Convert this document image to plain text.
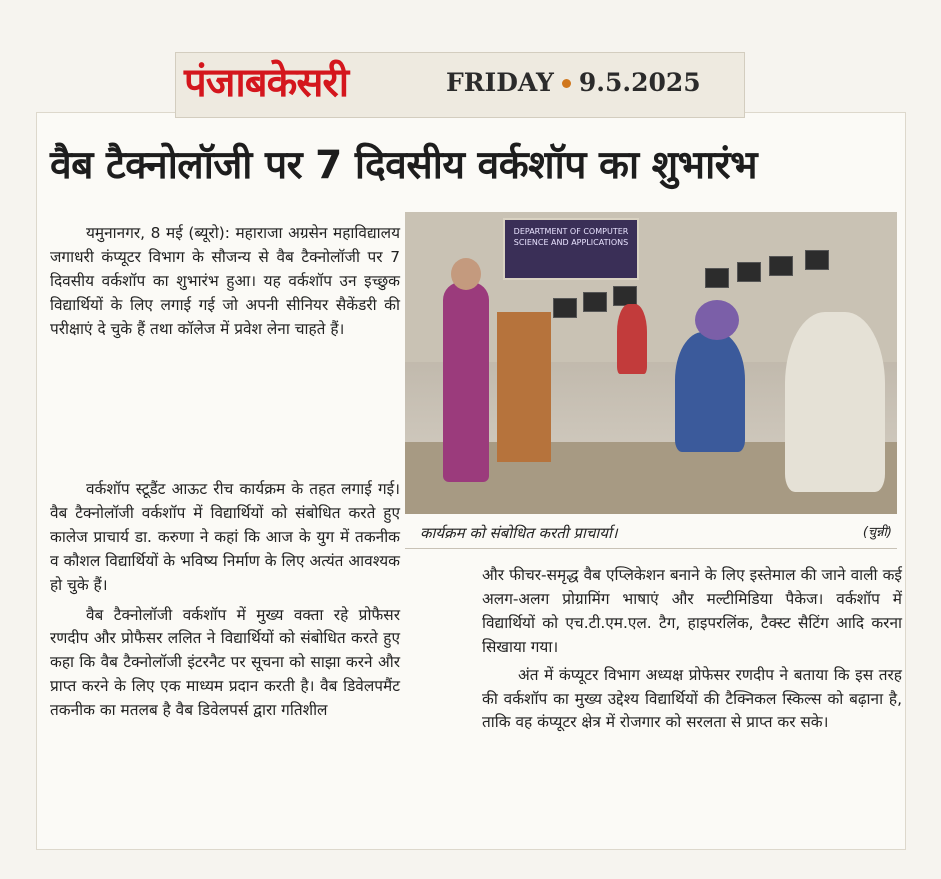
पंजाबकेसरी	FRIDAY 9.5.2025
वैब टैक्नोलॉजी पर 7 दिवसीय वर्कशॉप का शुभारंभ

यमुनानगर, 8 मई (ब्यूरो): महाराजा अग्रसेन महाविद्यालय जगाधरी कंप्यूटर विभाग के सौजन्य से वैब टैक्नोलॉजी पर 7 दिवसीय वर्कशॉप का शुभारंभ हुआ। यह वर्कशॉप उन इच्छुक विद्यार्थियों के लिए लगाई गई जो अपनी सीनियर सैकेंडरी की परीक्षाएं दे चुके हैं तथा कॉलेज में प्रवेश लेना चाहते हैं।

वर्कशॉप स्टूडैंट आऊट रीच कार्यक्रम के तहत लगाई गई। वैब टैक्नोलॉजी वर्कशॉप में विद्यार्थियों को संबोधित करते हुए कालेज प्राचार्य डा. करुणा ने कहां कि आज के युग में तकनीक व कौशल विद्यार्थियों के भविष्य निर्माण के लिए अत्यंत आवश्यक हो चुके हैं।

वैब टैक्नोलॉजी वर्कशॉप में मुख्य वक्ता रहे प्रोफैसर रणदीप और प्रोफैसर ललित ने विद्यार्थियों को संबोधित करते हुए कहा कि वैब टैक्नोलॉजी इंटरनैट पर सूचना को साझा करने और प्राप्त करने के लिए एक माध्यम प्रदान करती है। वैब डिवेलपमैंट तकनीक का मतलब है वैब डिवेलपर्स द्वारा गतिशील

DEPARTMENT OF COMPUTER SCIENCE AND APPLICATIONS
कार्यक्रम को संबोधित करती प्राचार्या।	(चुन्नी)

और फीचर-समृद्ध वैब एप्लिकेशन बनाने के लिए इस्तेमाल की जाने वाली कई अलग-अलग प्रोग्रामिंग भाषाएं और मल्टीमिडिया पैकेज। वर्कशॉप में विद्यार्थियों को एच.टी.एम.एल. टैग, हाइपरलिंक, टैक्स्ट सैटिंग आदि करना सिखाया गया।

अंत में कंप्यूटर विभाग अध्यक्ष प्रोफेसर रणदीप ने बताया कि इस तरह की वर्कशॉप का मुख्य उद्देश्य विद्यार्थियों की टैक्निकल स्किल्स को बढ़ाना है, ताकि वह कंप्यूटर क्षेत्र में रोजगार को सरलता से प्राप्त कर सके।
